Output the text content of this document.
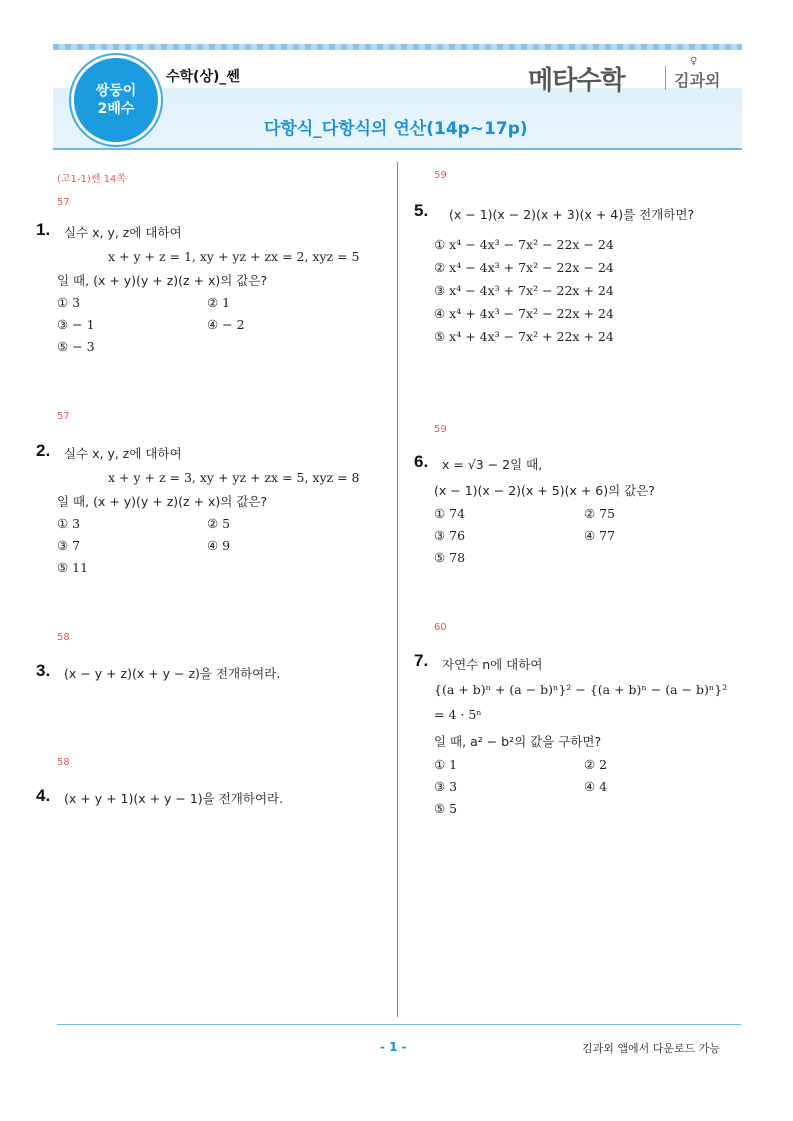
쌍둥이
2배수
수학(상)_쎈	메타수학
♀
김과외
다항식_다항식의 연산(14p~17p)
(고1-1)쎈 14쪽
57
1. 실수 x, y, z에 대하여
x + y + z = 1, xy + yz + zx = 2, xyz = 5
일 때, (x + y)(y + z)(z + x)의 값은?
① 3	② 1
③ − 1	④ − 2
⑤ − 3
57
2. 실수 x, y, z에 대하여
x + y + z = 3, xy + yz + zx = 5, xyz = 8
일 때, (x + y)(y + z)(z + x)의 값은?
① 3	② 5
③ 7	④ 9
⑤ 11
58
3. (x − y + z)(x + y − z)을 전개하여라.
58
4. (x + y + 1)(x + y − 1)을 전개하여라.
59
5. (x − 1)(x − 2)(x + 3)(x + 4)를 전개하면?
① x⁴ − 4x³ − 7x² − 22x − 24
② x⁴ − 4x³ + 7x² − 22x − 24
③ x⁴ − 4x³ + 7x² − 22x + 24
④ x⁴ + 4x³ − 7x² − 22x + 24
⑤ x⁴ + 4x³ − 7x² + 22x + 24
59
6. x = √3 − 2일 때,
(x − 1)(x − 2)(x + 5)(x + 6)의 값은?
① 74	② 75
③ 76	④ 77
⑤ 78
60
7. 자연수 n에 대하여
{(a + b)ⁿ + (a − b)ⁿ}² − {(a + b)ⁿ − (a − b)ⁿ}²
= 4 · 5ⁿ
일 때, a² − b²의 값을 구하면?
① 1	② 2
③ 3	④ 4
⑤ 5
- 1 -	김과외 앱에서 다운로드 가능
